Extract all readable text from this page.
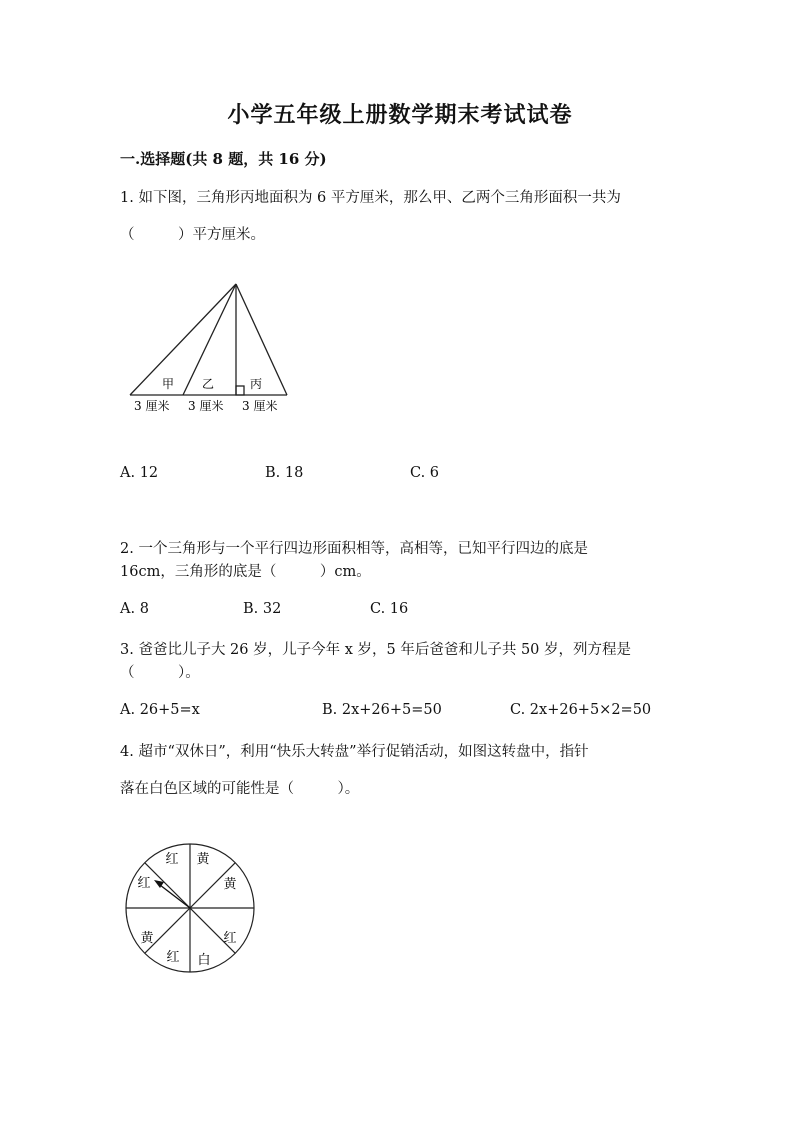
小学五年级上册数学期末考试试卷
一.选择题(共 8 题，共 16 分)
1. 如下图，三角形丙地面积为 6 平方厘米，那么甲、乙两个三角形面积一共为
（　　　）平方厘米。
甲 乙	丙
3 厘米 3 厘米 3 厘米
A. 12	B. 18	C. 6
2. 一个三角形与一个平行四边形面积相等，高相等，已知平行四边的底是
16cm，三角形的底是（　　　）cm。
A. 8	B. 32	C. 16
3. 爸爸比儿子大 26 岁，儿子今年 x 岁，5 年后爸爸和儿子共 50 岁，列方程是
（　　　）。
A. 26+5=x	B. 2x+26+5=50	C. 2x+26+5×2=50
4. 超市“双休日”，利用“快乐大转盘”举行促销活动，如图这转盘中，指针
落在白色区域的可能性是（　　　）。
黄
黄
红
白
红
黄
红
红
